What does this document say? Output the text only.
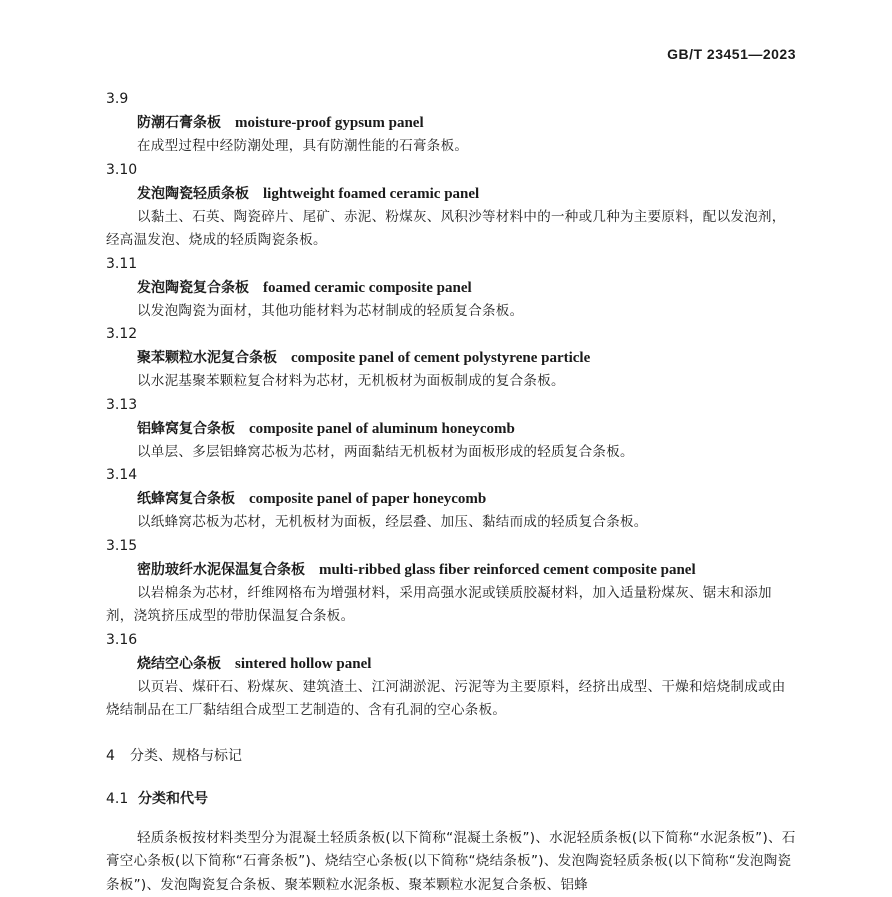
GB/T 23451—2023
3.9
防潮石膏条板 moisture-proof gypsum panel
在成型过程中经防潮处理，具有防潮性能的石膏条板。
3.10
发泡陶瓷轻质条板 lightweight foamed ceramic panel
以黏土、石英、陶瓷碎片、尾矿、赤泥、粉煤灰、风积沙等材料中的一种或几种为主要原料，配以发泡剂，经高温发泡、烧成的轻质陶瓷条板。
3.11
发泡陶瓷复合条板 foamed ceramic composite panel
以发泡陶瓷为面材，其他功能材料为芯材制成的轻质复合条板。
3.12
聚苯颗粒水泥复合条板 composite panel of cement polystyrene particle
以水泥基聚苯颗粒复合材料为芯材，无机板材为面板制成的复合条板。
3.13
铝蜂窝复合条板 composite panel of aluminum honeycomb
以单层、多层铝蜂窝芯板为芯材，两面黏结无机板材为面板形成的轻质复合条板。
3.14
纸蜂窝复合条板 composite panel of paper honeycomb
以纸蜂窝芯板为芯材，无机板材为面板，经层叠、加压、黏结而成的轻质复合条板。
3.15
密肋玻纤水泥保温复合条板 multi-ribbed glass fiber reinforced cement composite panel
以岩棉条为芯材，纤维网格布为增强材料，采用高强水泥或镁质胶凝材料，加入适量粉煤灰、锯末和添加剂，浇筑挤压成型的带肋保温复合条板。
3.16
烧结空心条板 sintered hollow panel
以页岩、煤矸石、粉煤灰、建筑渣土、江河湖淤泥、污泥等为主要原料，经挤出成型、干燥和焙烧制成或由烧结制品在工厂黏结组合成型工艺制造的、含有孔洞的空心条板。
4 分类、规格与标记
4.1 分类和代号
轻质条板按材料类型分为混凝土轻质条板(以下简称“混凝土条板”)、水泥轻质条板(以下简称“水泥条板”)、石膏空心条板(以下简称“石膏条板”)、烧结空心条板(以下简称“烧结条板”)、发泡陶瓷轻质条板(以下简称“发泡陶瓷条板”)、发泡陶瓷复合条板、聚苯颗粒水泥条板、聚苯颗粒水泥复合条板、铝蜂
